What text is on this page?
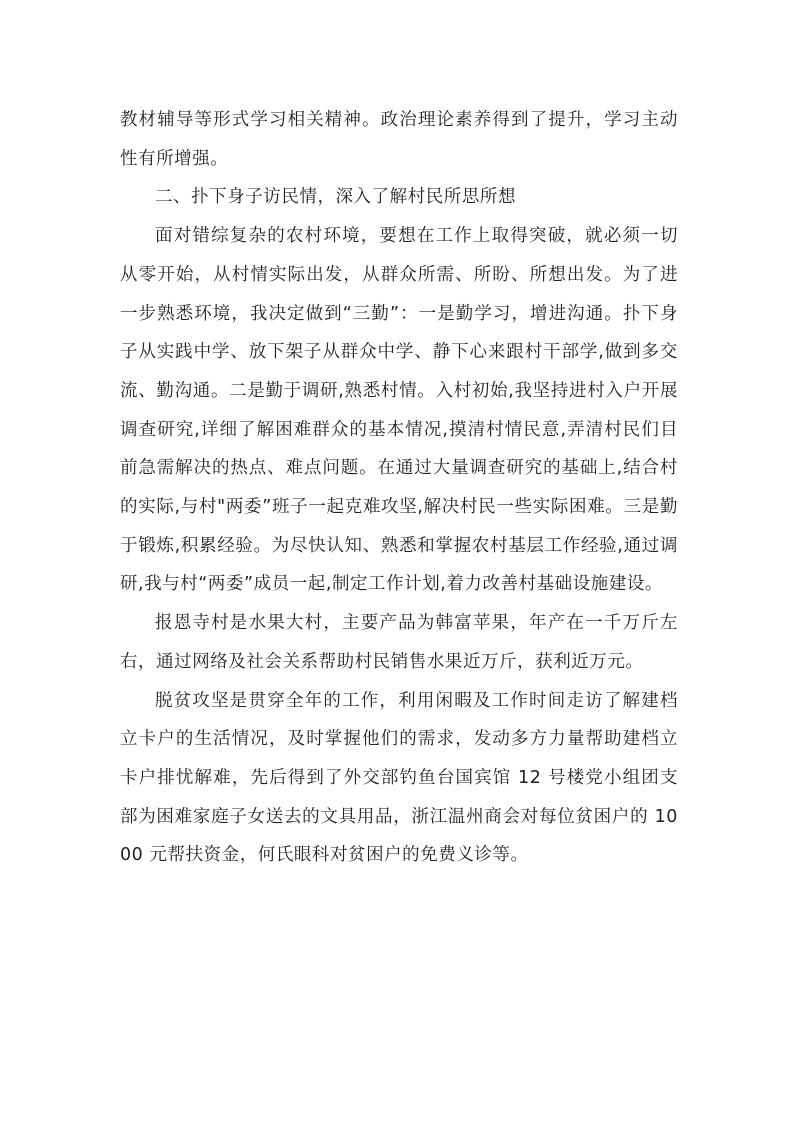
教材辅导等形式学习相关精神。政治理论素养得到了提升，学习主动性有所增强。

二、扑下身子访民情，深入了解村民所思所想

面对错综复杂的农村环境，要想在工作上取得突破，就必须一切从零开始，从村情实际出发，从群众所需、所盼、所想出发。为了进一步熟悉环境，我决定做到“三勤”：一是勤学习，增进沟通。扑下身子从实践中学、放下架子从群众中学、静下心来跟村干部学,做到多交流、勤沟通。二是勤于调研,熟悉村情。入村初始,我坚持进村入户开展调查研究,详细了解困难群众的基本情况,摸清村情民意,弄清村民们目前急需解决的热点、难点问题。在通过大量调查研究的基础上,结合村的实际,与村"两委”班子一起克难攻坚,解决村民一些实际困难。三是勤于锻炼,积累经验。为尽快认知、熟悉和掌握农村基层工作经验,通过调研,我与村“两委”成员一起,制定工作计划,着力改善村基础设施建设。

报恩寺村是水果大村，主要产品为韩富苹果，年产在一千万斤左右，通过网络及社会关系帮助村民销售水果近万斤，获利近万元。

脱贫攻坚是贯穿全年的工作，利用闲暇及工作时间走访了解建档立卡户的生活情况，及时掌握他们的需求，发动多方力量帮助建档立卡户排忧解难，先后得到了外交部钓鱼台国宾馆 12 号楼党小组团支部为困难家庭子女送去的文具用品，浙江温州商会对每位贫困户的 1000 元帮扶资金，何氏眼科对贫困户的免费义诊等。
